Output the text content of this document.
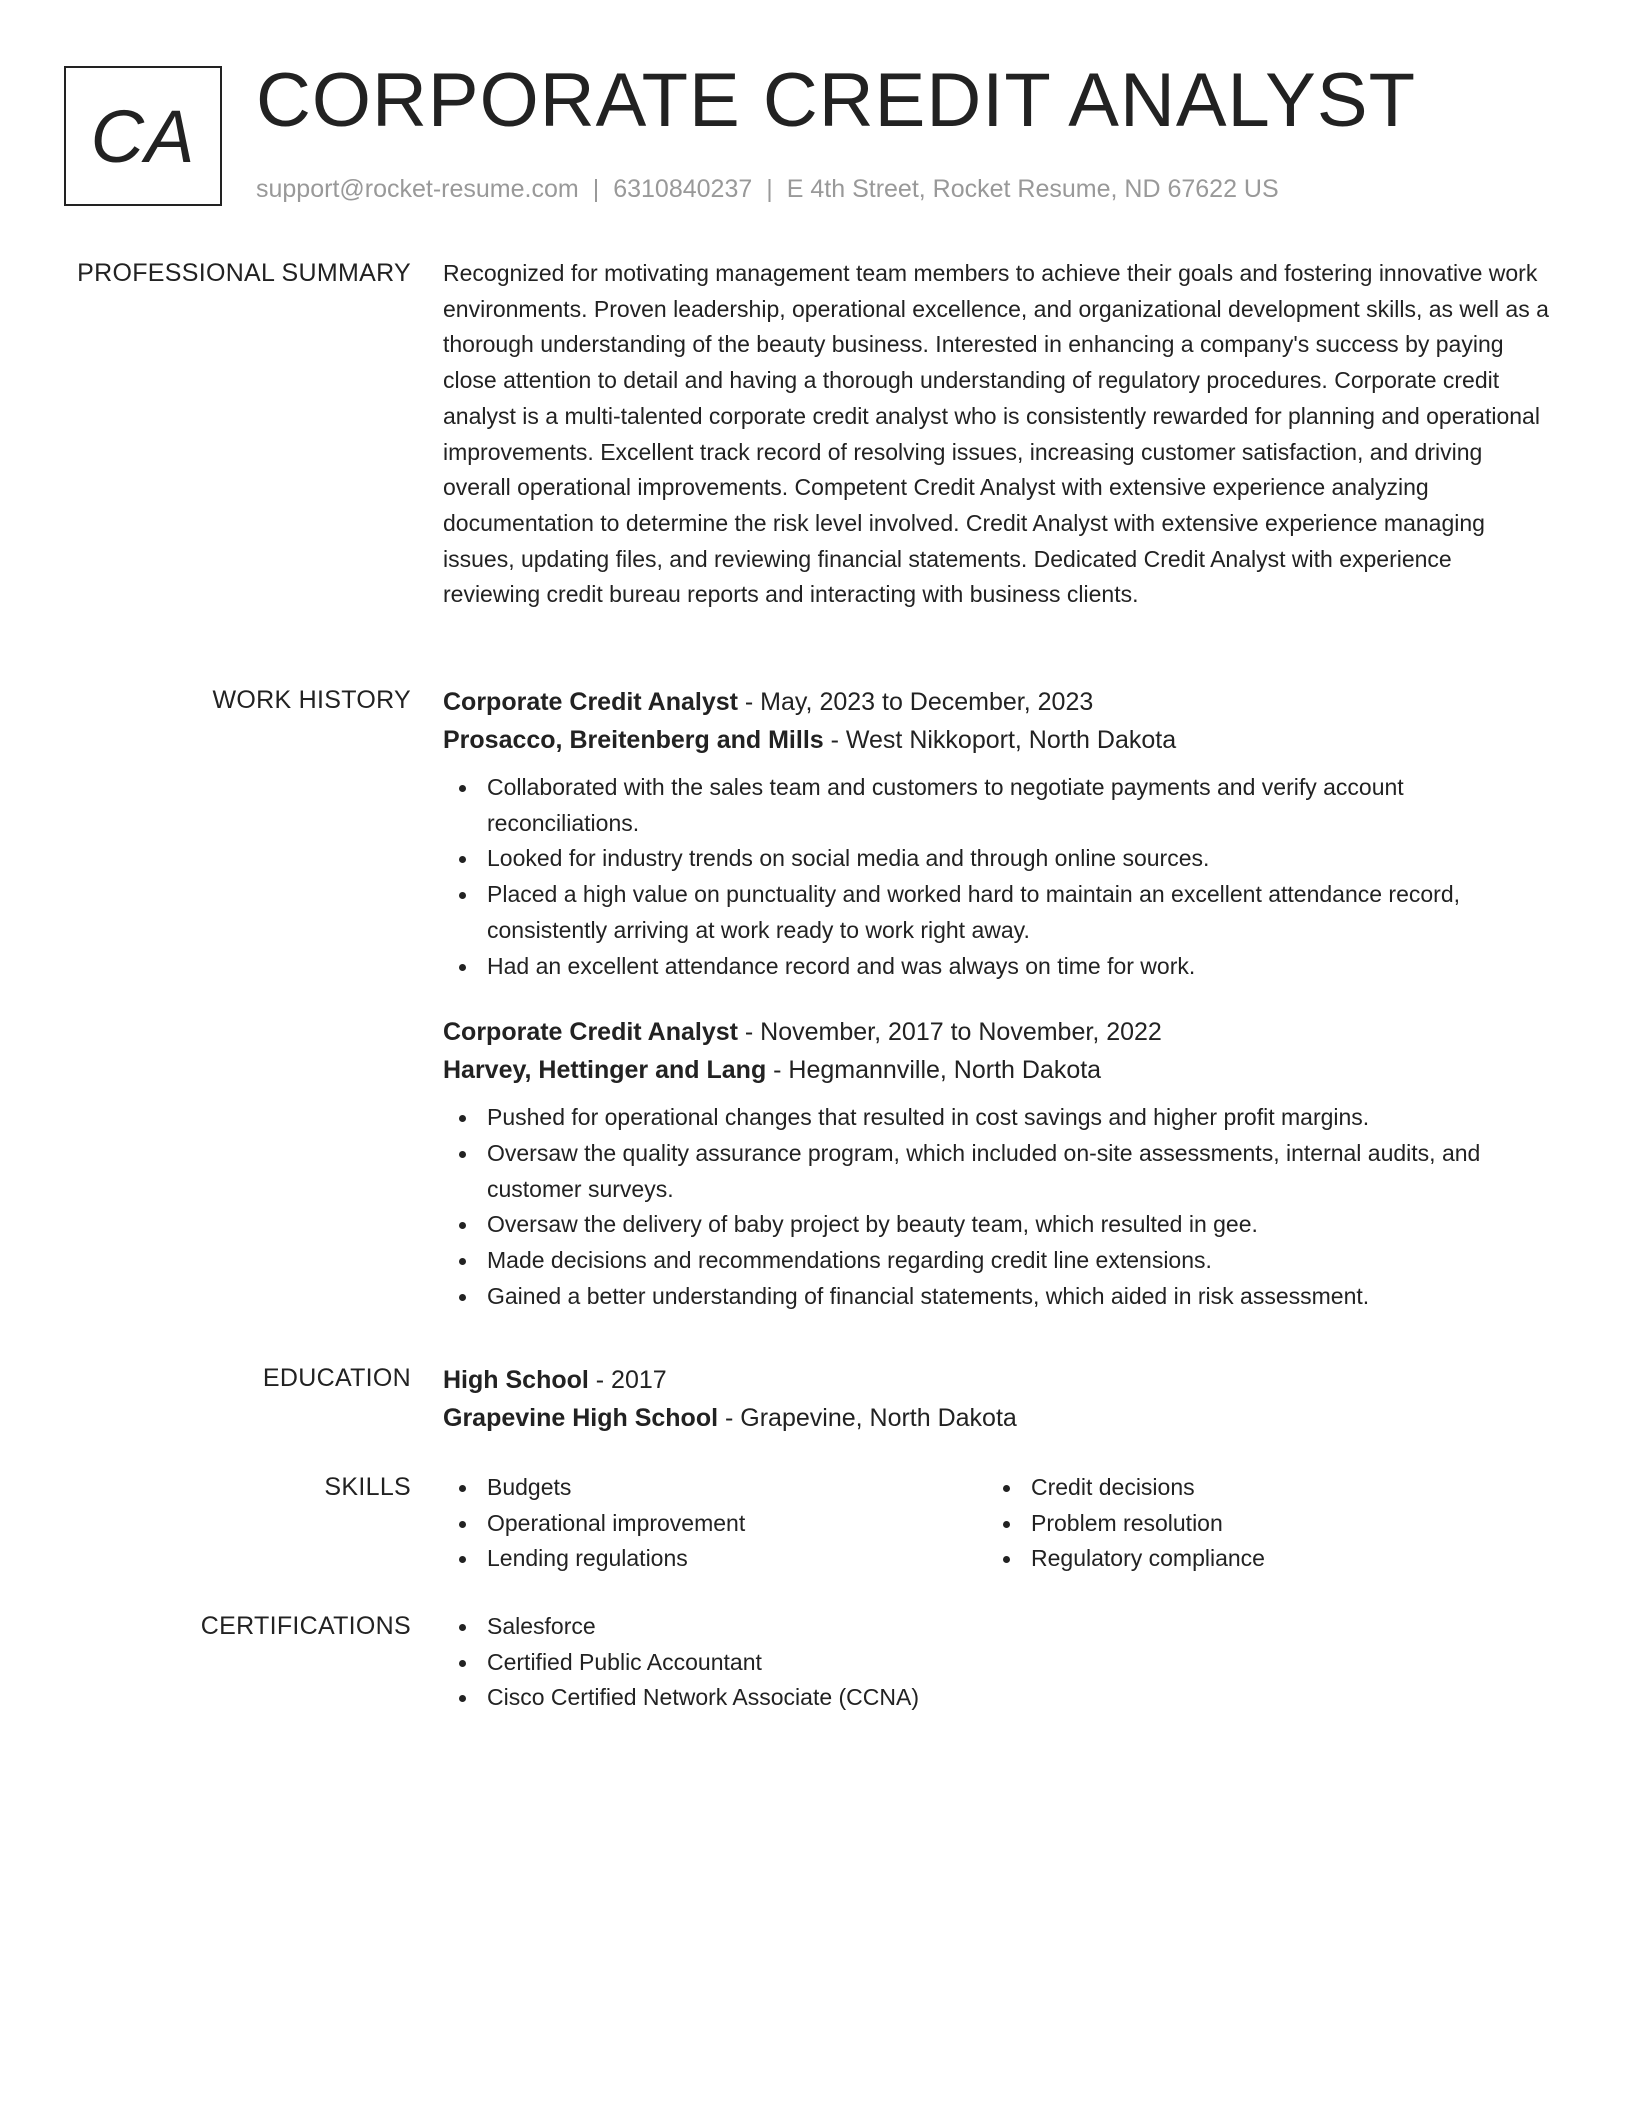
CA CORPORATE CREDIT ANALYST
support@rocket-resume.com | 6310840237 | E 4th Street, Rocket Resume, ND 67622 US
PROFESSIONAL SUMMARY Recognized for motivating management team members to achieve their goals and fostering innovative work environments. Proven leadership, operational excellence, and organizational development skills, as well as a thorough understanding of the beauty business. Interested in enhancing a company's success by paying close attention to detail and having a thorough understanding of regulatory procedures. Corporate credit analyst is a multi-talented corporate credit analyst who is consistently rewarded for planning and operational improvements. Excellent track record of resolving issues, increasing customer satisfaction, and driving overall operational improvements. Competent Credit Analyst with extensive experience analyzing documentation to determine the risk level involved. Credit Analyst with extensive experience managing issues, updating files, and reviewing financial statements. Dedicated Credit Analyst with experience reviewing credit bureau reports and interacting with business clients.

WORK HISTORY Corporate Credit Analyst - May, 2023 to December, 2023
Prosacco, Breitenberg and Mills - West Nikkoport, North Dakota
Collaborated with the sales team and customers to negotiate payments and verify account reconciliations.
Looked for industry trends on social media and through online sources.
Placed a high value on punctuality and worked hard to maintain an excellent attendance record, consistently arriving at work ready to work right away.
Had an excellent attendance record and was always on time for work.
Corporate Credit Analyst - November, 2017 to November, 2022
Harvey, Hettinger and Lang - Hegmannville, North Dakota
Pushed for operational changes that resulted in cost savings and higher profit margins.
Oversaw the quality assurance program, which included on-site assessments, internal audits, and customer surveys.
Oversaw the delivery of baby project by beauty team, which resulted in gee.
Made decisions and recommendations regarding credit line extensions.
Gained a better understanding of financial statements, which aided in risk assessment.
EDUCATION High School - 2017
Grapevine High School - Grapevine, North Dakota
SKILLS	Budgets
Operational improvement
Lending regulations
Credit decisions
Problem resolution
Regulatory compliance
CERTIFICATIONS	Salesforce
Certified Public Accountant
Cisco Certified Network Associate (CCNA)
